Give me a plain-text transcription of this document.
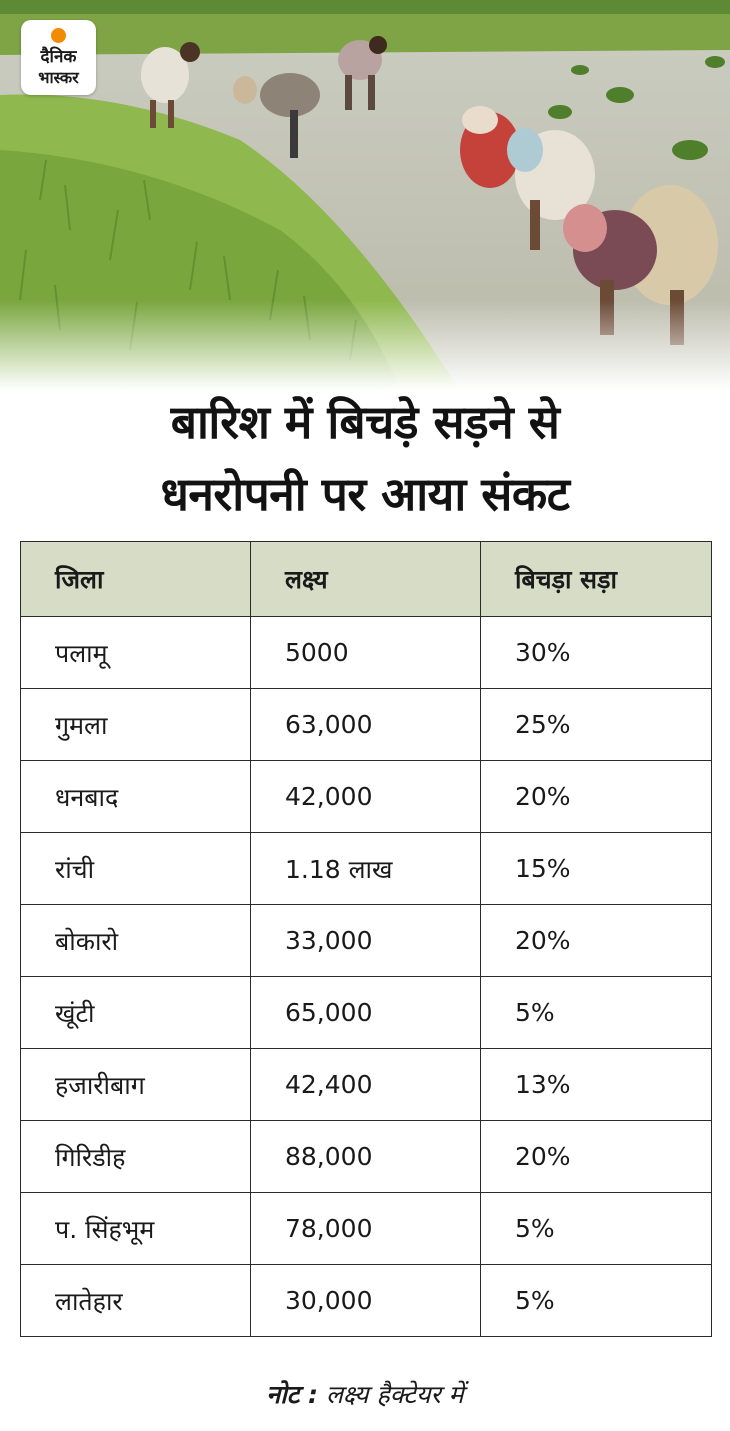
दैनिक
भास्कर
बारिश में बिचड़े सड़ने से
धनरोपनी पर आया संकट
जिला	लक्ष्य	बिचड़ा सड़ा
पलामू	5000	30%
गुमला	63,000	25%
धनबाद	42,000	20%
रांची	1.18 लाख	15%
बोकारो	33,000	20%
खूंटी	65,000	5%
हजारीबाग	42,400	13%
गिरिडीह	88,000	20%
प. सिंहभूम	78,000	5%
लातेहार	30,000	5%
नोट : लक्ष्य हैक्टेयर में
